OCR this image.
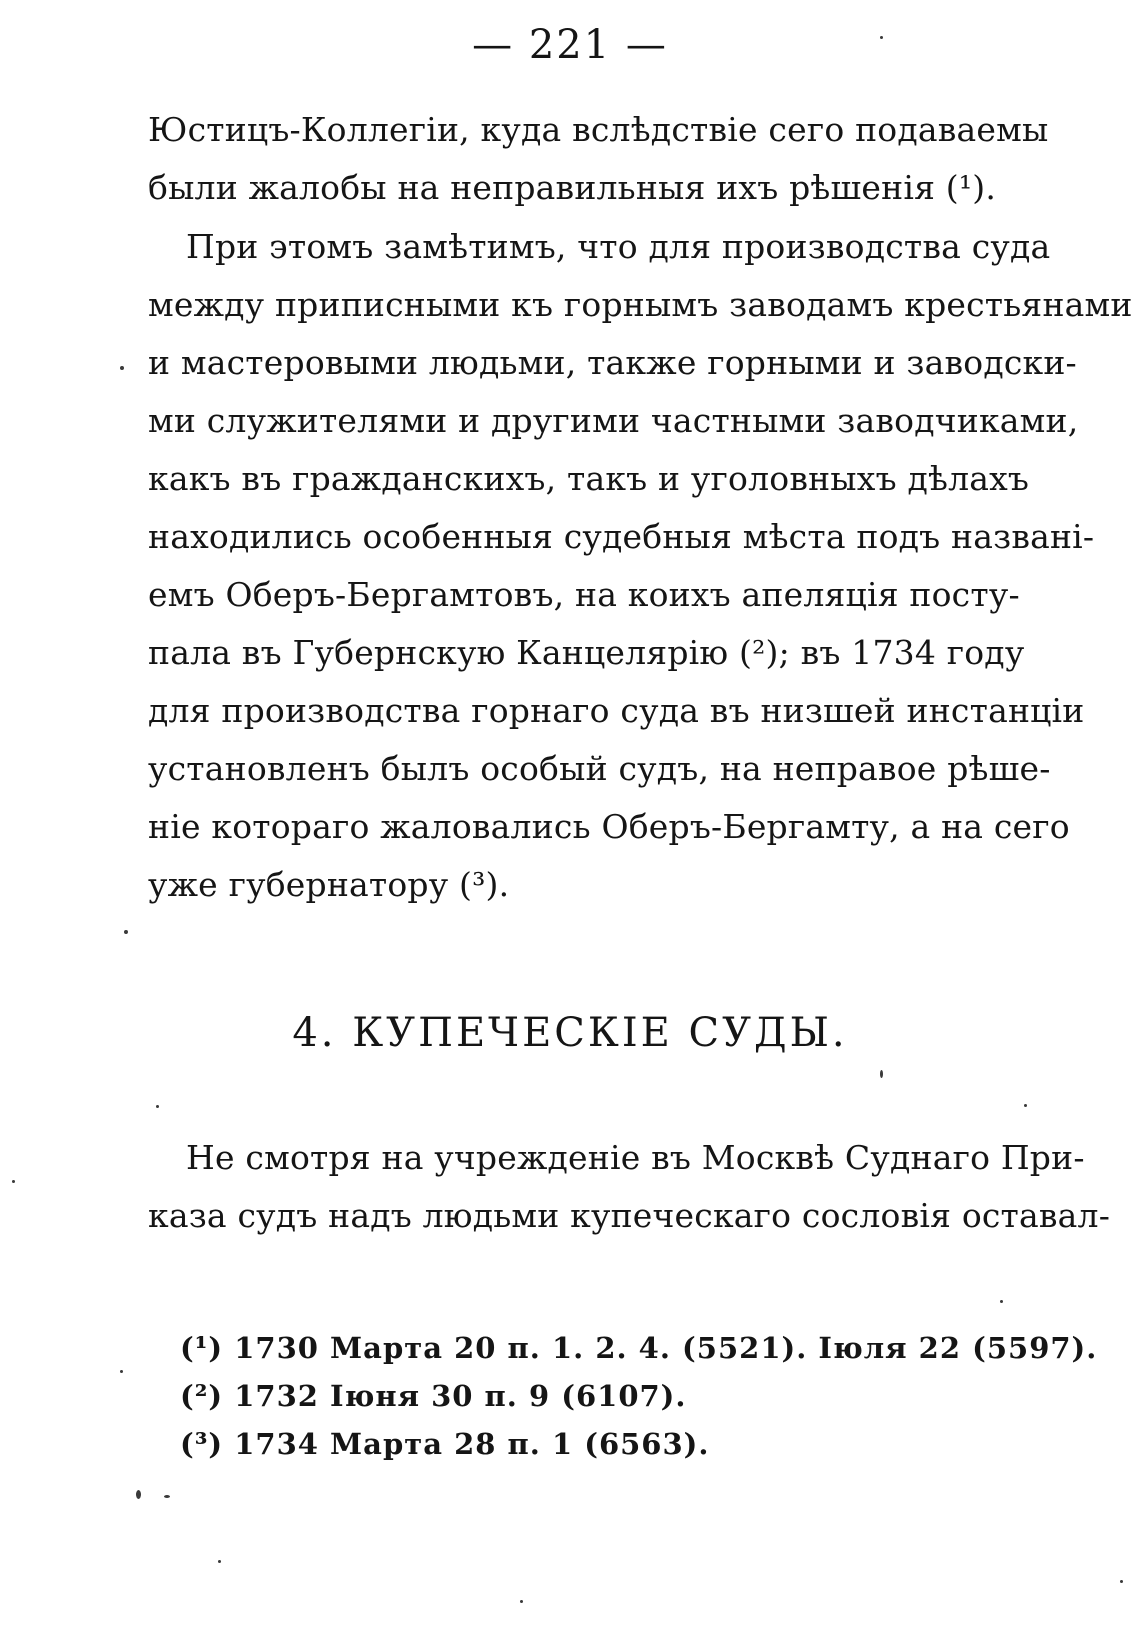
— 221 —
Юстицъ-Коллегіи, куда вслѣдствіе сего подаваемы
были жалобы на неправильныя ихъ рѣшенія (¹).
При этомъ замѣтимъ, что для производства суда
между приписными къ горнымъ заводамъ крестьянами
и мастеровыми людьми, также горными и заводски-
ми служителями и другими частными заводчиками,
какъ въ гражданскихъ, такъ и уголовныхъ дѣлахъ
находились особенныя судебныя мѣста подъ названі-
емъ Оберъ-Бергамтовъ, на коихъ апеляція посту-
пала въ Губернскую Канцелярію (²); въ 1734 году
для производства горнаго суда въ низшей инстанціи
установленъ былъ особый судъ, на неправое рѣше-
ніе котораго жаловались Оберъ-Бергамту, а на сего
уже губернатору (³).
4. КУПЕЧЕСКІЕ СУДЫ.
Не смотря на учрежденіе въ Москвѣ Суднаго При-
каза судъ надъ людьми купеческаго сословія оставал-
(¹) 1730 Марта 20 п. 1. 2. 4. (5521). Іюля 22 (5597).
(²) 1732 Іюня 30 п. 9 (6107).
(³) 1734 Марта 28 п. 1 (6563).
